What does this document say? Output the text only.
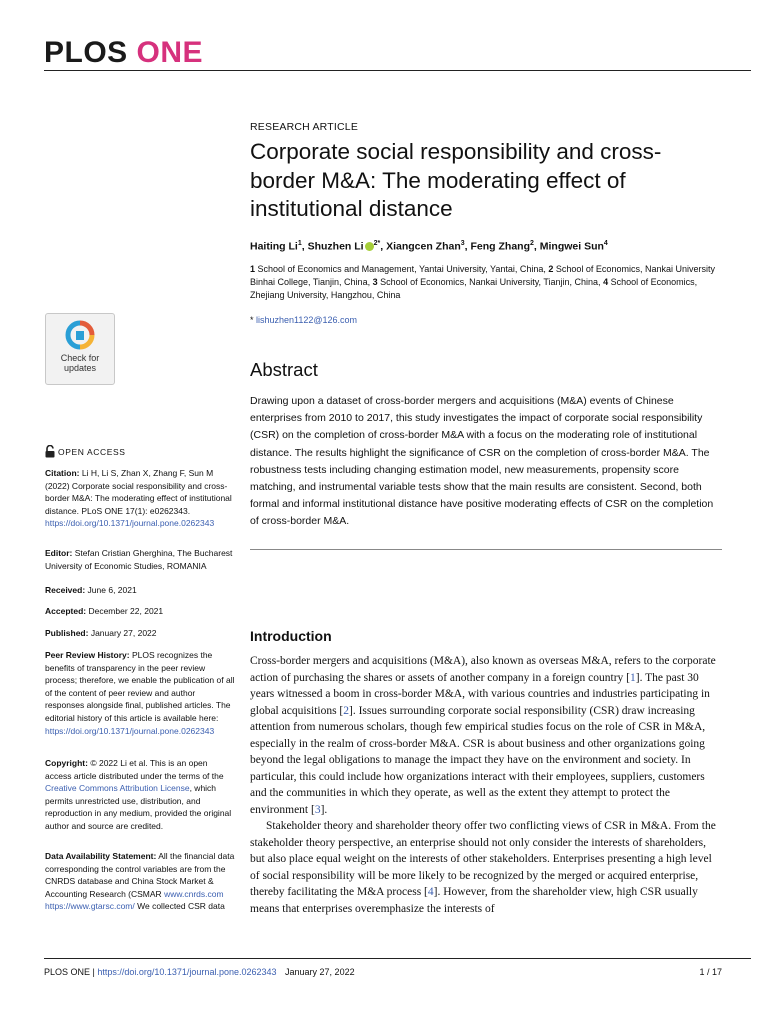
PLOS ONE
Check for updates
OPEN ACCESS
Citation: Li H, Li S, Zhan X, Zhang F, Sun M (2022) Corporate social responsibility and cross-border M&A: The moderating effect of institutional distance. PLoS ONE 17(1): e0262343. https://doi.org/10.1371/journal.pone.0262343
Editor: Stefan Cristian Gherghina, The Bucharest University of Economic Studies, ROMANIA
Received: June 6, 2021
Accepted: December 22, 2021
Published: January 27, 2022
Peer Review History: PLOS recognizes the benefits of transparency in the peer review process; therefore, we enable the publication of all of the content of peer review and author responses alongside final, published articles. The editorial history of this article is available here: https://doi.org/10.1371/journal.pone.0262343
Copyright: © 2022 Li et al. This is an open access article distributed under the terms of the Creative Commons Attribution License, which permits unrestricted use, distribution, and reproduction in any medium, provided the original author and source are credited.
Data Availability Statement: All the financial data corresponding the control variables are from the CNRDS database and China Stock Market & Accounting Research (CSMAR www.cnrds.com https://www.gtarsc.com/ We collected CSR data
RESEARCH ARTICLE
Corporate social responsibility and cross-border M&A: The moderating effect of institutional distance
Haiting Li$^1$, Shuzhen Li $^{2*}$, Xiangcen Zhan$^3$, Feng Zhang$^2$, Mingwei Sun$^4$
1 School of Economics and Management, Yantai University, Yantai, China, 2 School of Economics, Nankai University Binhai College, Tianjin, China, 3 School of Economics, Nankai University, Tianjin, China, 4 School of Economics, Zhejiang University, Hangzhou, China
* lishuzhen1122@126.com
Abstract
Drawing upon a dataset of cross-border mergers and acquisitions (M&A) events of Chinese enterprises from 2010 to 2017, this study investigates the impact of corporate social responsibility (CSR) on the completion of cross-border M&A with a focus on the moderating role of institutional distance. The results highlight the significance of CSR on the completion of cross-border M&A. The robustness tests including changing estimation model, new measurements, propensity score matching, and instrumental variable tests show that the main results are consistent. Second, both formal and informal institutional distance have positive moderating effects of CSR on the completion of cross-border M&A.
Introduction

Cross-border mergers and acquisitions (M&A), also known as overseas M&A, refers to the corporate action of purchasing the shares or assets of another company in a foreign country [1]. The past 30 years witnessed a boom in cross-border M&A, with various countries and industries participating in global acquisitions [2]. Issues surrounding corporate social responsibility (CSR) draw increasing attention from numerous scholars, though few empirical studies focus on the role of CSR in M&A, especially in the realm of cross-border M&A. CSR is about business and other organizations going beyond the legal obligations to manage the impact they have on the environment and society. In particular, this could include how organizations interact with their employees, suppliers, customers and the communities in which they operate, as well as the extent they attempt to protect the environment [3].

Stakeholder theory and shareholder theory offer two conflicting views of CSR in M&A. From the stakeholder theory perspective, an enterprise should not only consider the interests of shareholders, but also place equal weight on the interests of other stakeholders. Enterprises presenting a high level of social responsibility will be more likely to be recognized by the merged or acquired enterprise, thereby facilitating the M&A process [4]. However, from the shareholder view, high CSR usually means that enterprises overemphasize the interests of

PLOS ONE | https://doi.org/10.1371/journal.pone.0262343 January 27, 2022	1 / 17
